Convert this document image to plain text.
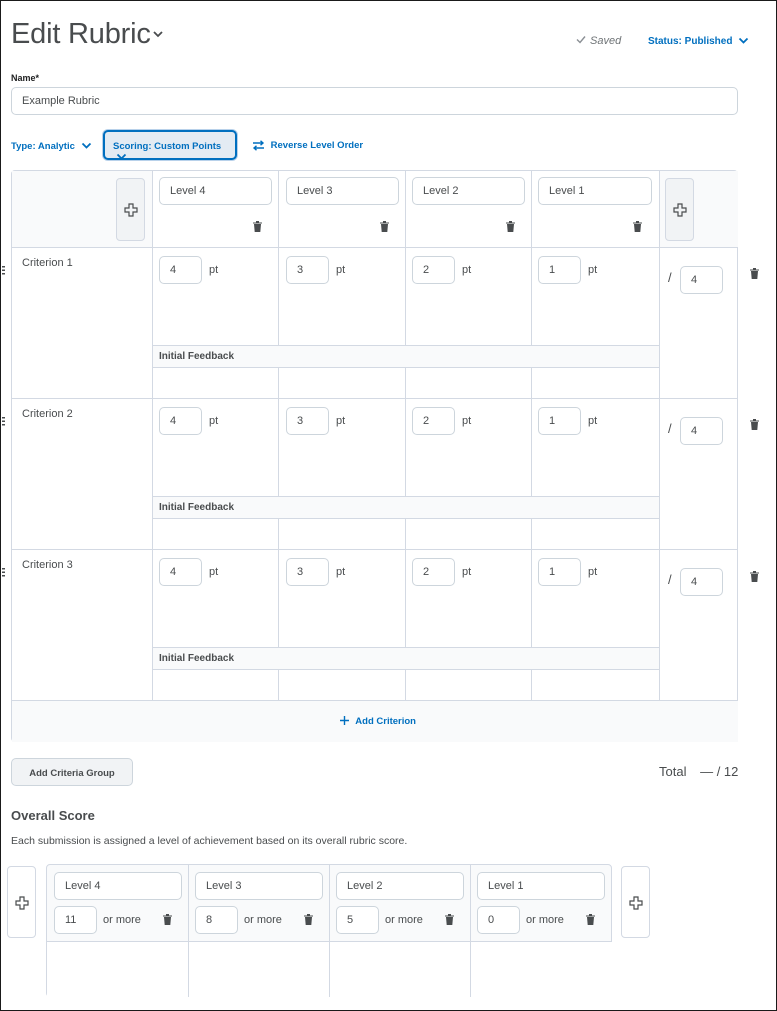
Edit Rubric	Saved	Status: Published
Name*
Example Rubric
Type: Analytic	Scoring: Custom Points	Reverse Level Order
Level 4	Level 3	Level 2	Level 1
Criterion 1
4	pt	3	pt	2	pt	1	pt
Initial Feedback
/	4
Criterion 2
4	pt	3	pt	2	pt	1	pt
Initial Feedback
/	4
Criterion 3
4	pt	3	pt	2	pt	1	pt
Initial Feedback
/	4
Add Criterion
Add Criteria Group	Total — / 12
Overall Score
Each submission is assigned a level of achievement based on its overall rubric score.
Level 4
11	or more
Level 3
8	or more
Level 2
5	or more
Level 1
0	or more
